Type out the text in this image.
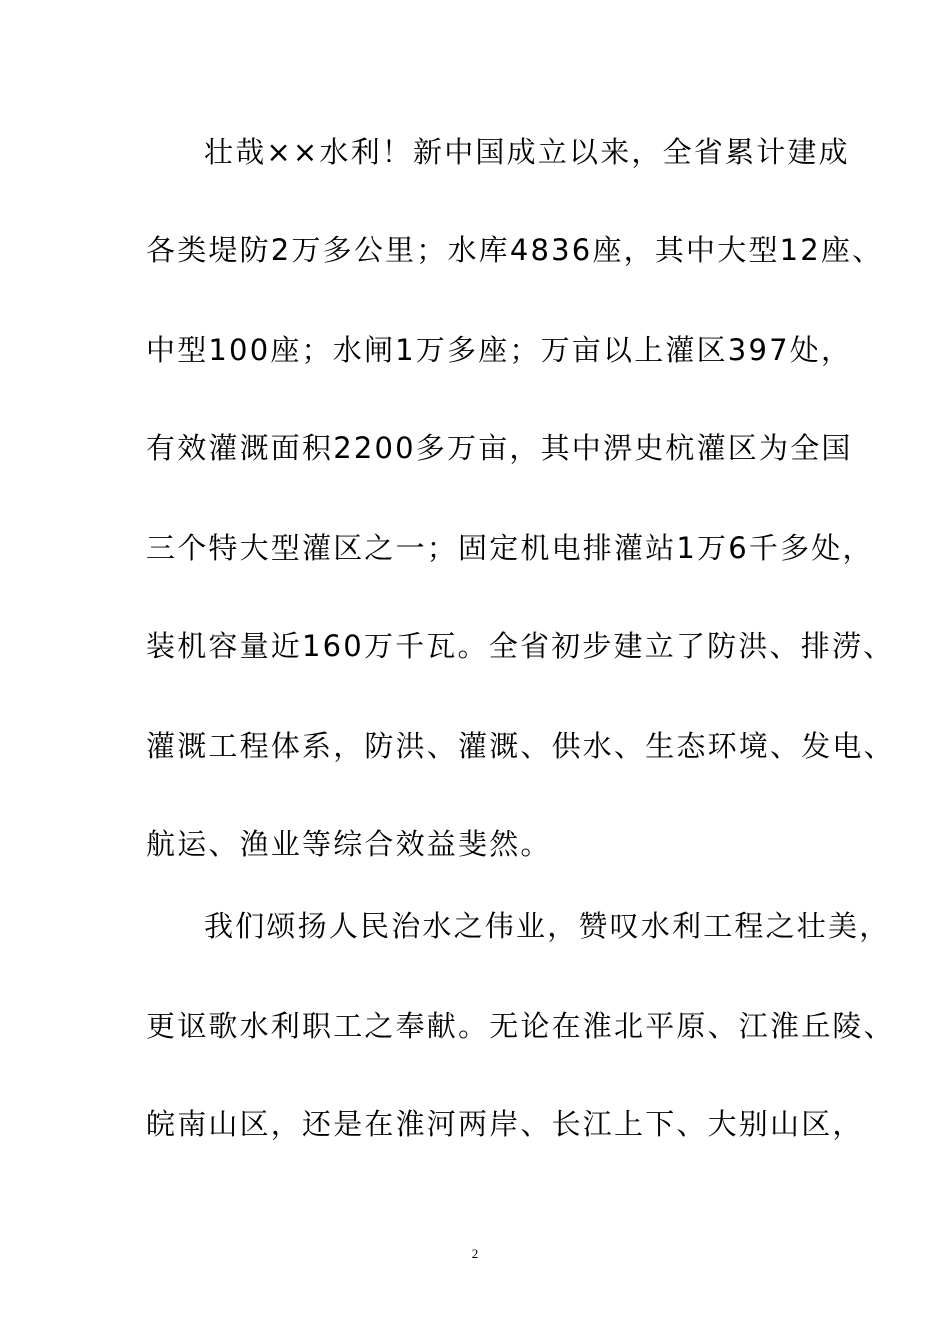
壮哉××水利！新中国成立以来，全省累计建成
各类堤防2万多公里；水库4836座，其中大型12座、
中型100座；水闸1万多座；万亩以上灌区397处，
有效灌溉面积2200多万亩，其中淠史杭灌区为全国
三个特大型灌区之一；固定机电排灌站1万6千多处，
装机容量近160万千瓦。全省初步建立了防洪、排涝、
灌溉工程体系，防洪、灌溉、供水、生态环境、发电、
航运、渔业等综合效益斐然。
我们颂扬人民治水之伟业，赞叹水利工程之壮美，
更讴歌水利职工之奉献。无论在淮北平原、江淮丘陵、
皖南山区，还是在淮河两岸、长江上下、大别山区，
2
